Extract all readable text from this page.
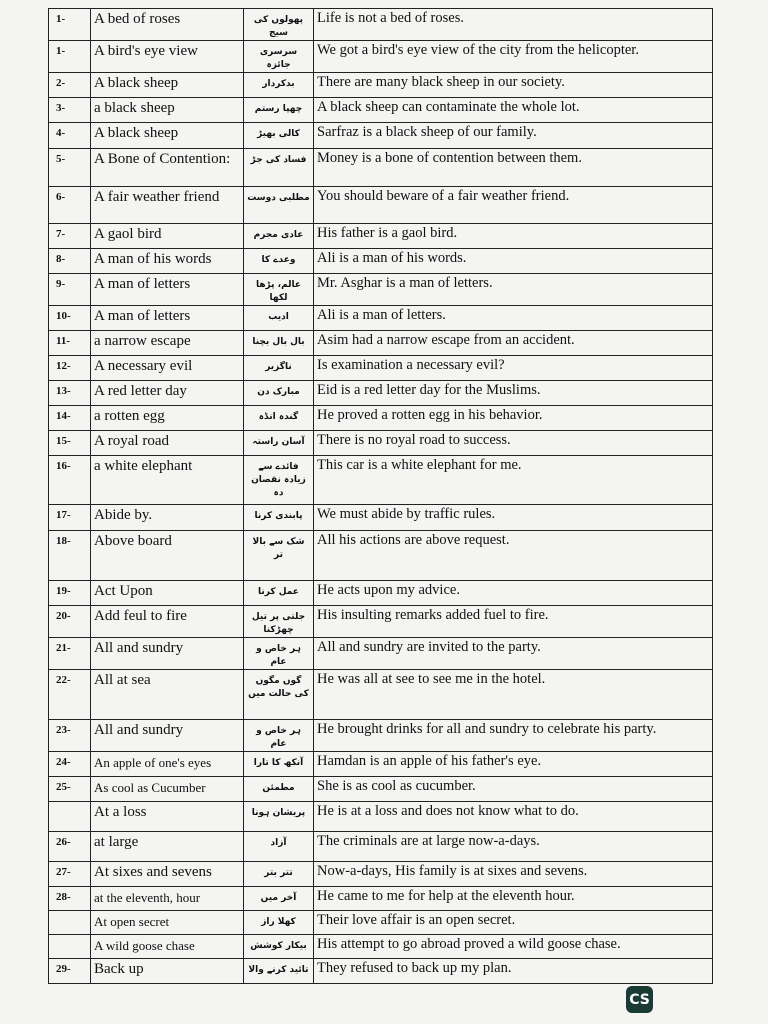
1-	A bed of roses	پھولوں کی سیج	Life is not a bed of roses.
1-	A bird's eye view	سرسری جائزہ	We got a bird's eye view of the city from the helicopter.
2-	A black sheep	بدکردار	There are many black sheep in our society.
3-	a black sheep	چھپا رستم	A black sheep can contaminate the whole lot.
4-	A black sheep	کالی بھیڑ	Sarfraz is a black sheep of our family.
5-	A Bone of Contention:	فساد کی جڑ	Money is a bone of contention between them.
6-	A fair weather friend	مطلبی دوست	You should beware of a fair weather friend.
7-	A gaol bird	عادی مجرم	His father is a gaol bird.
8-	A man of his words	وعدے کا	Ali is a man of his words.
9-	A man of letters	عالم، پڑھا لکھا	Mr. Asghar is a man of letters.
10-	A man of letters	ادیب	Ali is a man of letters.
11-	a narrow escape	بال بال بچنا	Asim had a narrow escape from an accident.
12-	A necessary evil	ناگزیر	Is examination a necessary evil?
13-	A red letter day	مبارک دن	Eid is a red letter day for the Muslims.
14-	a rotten egg	گندہ انڈہ	He proved a rotten egg in his behavior.
15-	A royal road	آسان راستہ	There is no royal road to success.
16-	a white elephant	فائدے سے زیادہ نقصان دہ	This car is a white elephant for me.
17-	Abide by.	پابندی کرنا	We must abide by traffic rules.
18-	Above board	شک سے بالا تر	All his actions are above request.
19-	Act Upon	عمل کرنا	He acts upon my advice.
20-	Add feul to fire	جلتی پر تیل چھڑکنا	His insulting remarks added fuel to fire.
21-	All and sundry	ہر خاص و عام	All and sundry are invited to the party.
22-	All at sea	گوں مگوں کی حالت میں	He was all at see to see me in the hotel.
23-	All and sundry	ہر خاص و عام	He brought drinks for all and sundry to celebrate his party.
24-	An apple of one's eyes	آنکھ کا تارا	Hamdan is an apple of his father's eye.
25-	As cool as Cucumber	مطمئن	She is as cool as cucumber.
	At a loss	پریشان ہونا	He is at a loss and does not know what to do.
26-	at large	آزاد	The criminals are at large now-a-days.
27-	At sixes and sevens	تتر بتر	Now-a-days, His family is at sixes and sevens.
28-	at the eleventh, hour	آخر میں	He came to me for help at the eleventh hour.
	At open secret	کھلا راز	Their love affair is an open secret.
	A wild goose chase	بیکار کوشش	His attempt to go abroad proved a wild goose chase.
29-	Back up	تائید کرنے والا	They refused to back up my plan.
CS
